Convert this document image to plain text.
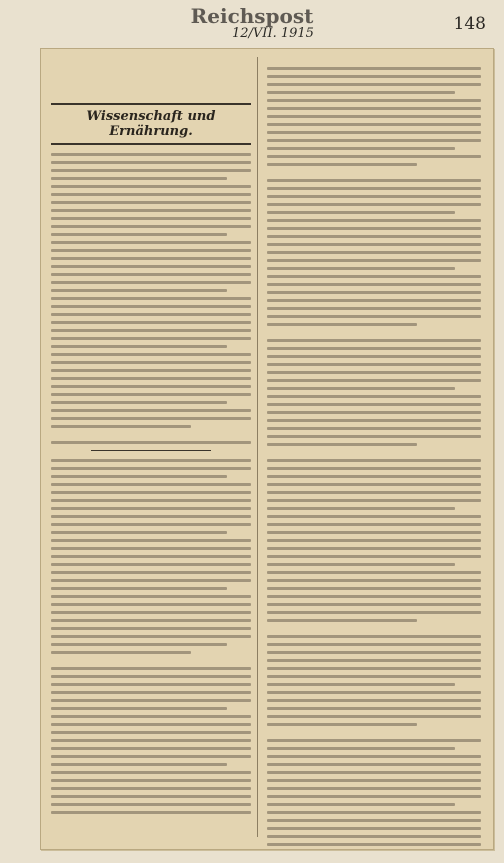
Reichspost
12/VII. 1915	148
Wissenschaft und Ernährung.
